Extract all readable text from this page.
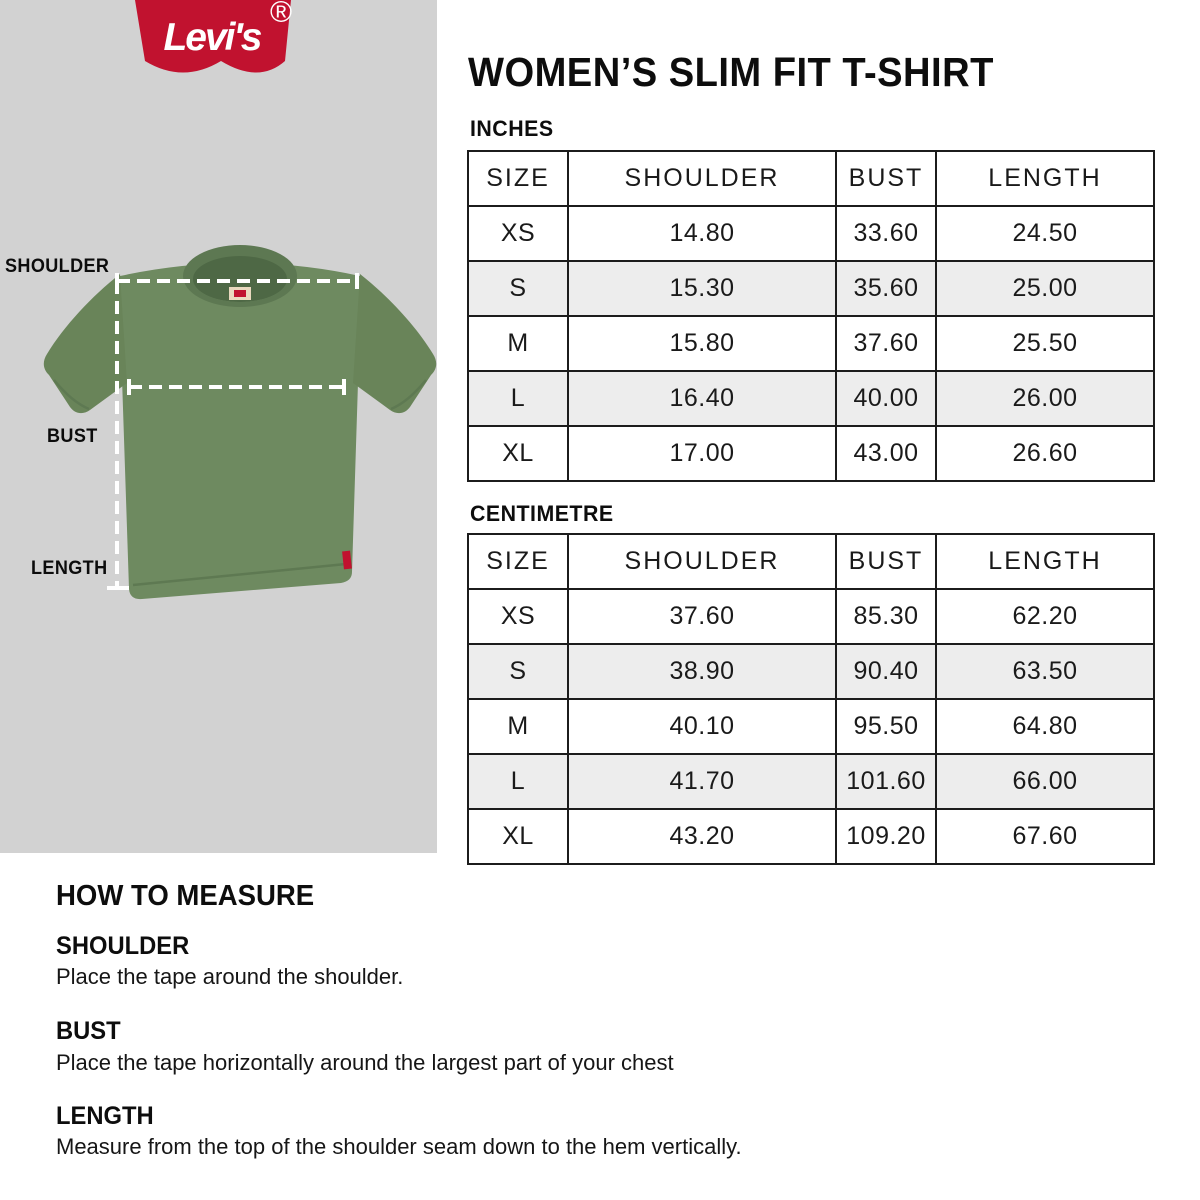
Levi's
®
SHOULDER
BUST
LENGTH
WOMEN’S SLIM FIT T-SHIRT
INCHES
SIZE	SHOULDER	BUST	LENGTH
XS	14.80	33.60	24.50
S	15.30	35.60	25.00
M	15.80	37.60	25.50
L	16.40	40.00	26.00
XL	17.00	43.00	26.60
CENTIMETRE
SIZE	SHOULDER	BUST	LENGTH
XS	37.60	85.30	62.20
S	38.90	90.40	63.50
M	40.10	95.50	64.80
L	41.70	101.60	66.00
XL	43.20	109.20	67.60
HOW TO MEASURE
SHOULDER
Place the tape around the shoulder.
BUST
Place the tape horizontally around the largest part of your chest
LENGTH
Measure from the top of the shoulder seam down to the hem vertically.
